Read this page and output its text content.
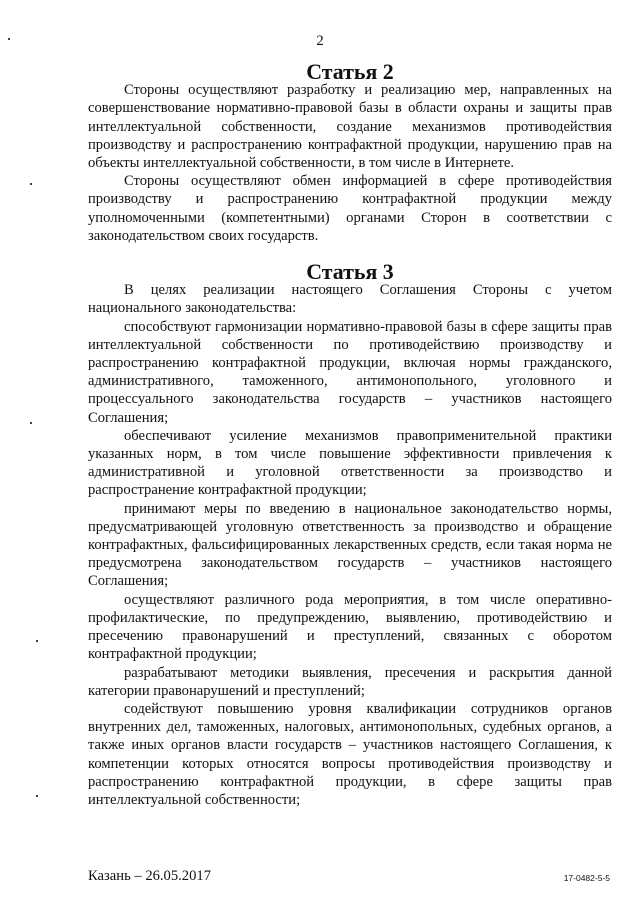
2
Статья 2

Стороны осуществляют разработку и реализацию мер, направленных на совершенствование нормативно-правовой базы в области охраны и защиты прав интеллектуальной собственности, создание механизмов противодействия производству и распространению контрафактной продукции, нарушению прав на объекты интеллектуальной собственности, в том числе в Интернете.

Стороны осуществляют обмен информацией в сфере противодействия производству и распространению контрафактной продукции между уполномоченными (компетентными) органами Сторон в соответствии с законодательством своих государств.

Статья 3

В целях реализации настоящего Соглашения Стороны с учетом национального законодательства:

способствуют гармонизации нормативно-правовой базы в сфере защиты прав интеллектуальной собственности по противодействию производству и распространению контрафактной продукции, включая нормы гражданского, административного, таможенного, антимонопольного, уголовного и процессуального законодательства государств – участников настоящего Соглашения;

обеспечивают усиление механизмов правоприменительной практики указанных норм, в том числе повышение эффективности привлечения к административной и уголовной ответственности за производство и распространение контрафактной продукции;

принимают меры по введению в национальное законодательство нормы, предусматривающей уголовную ответственность за производство и обращение контрафактных, фальсифицированных лекарственных средств, если такая норма не предусмотрена законодательством государств – участников настоящего Соглашения;

осуществляют различного рода мероприятия, в том числе оперативно-профилактические, по предупреждению, выявлению, противодействию и пресечению правонарушений и преступлений, связанных с оборотом контрафактной продукции;

разрабатывают методики выявления, пресечения и раскрытия данной категории правонарушений и преступлений;

содействуют повышению уровня квалификации сотрудников органов внутренних дел, таможенных, налоговых, антимонопольных, судебных органов, а также иных органов власти государств – участников настоящего Соглашения, к компетенции которых относятся вопросы противодействия производству и распространению контрафактной продукции, в сфере защиты прав интеллектуальной собственности;

Казань – 26.05.2017	17-0482-5-5
